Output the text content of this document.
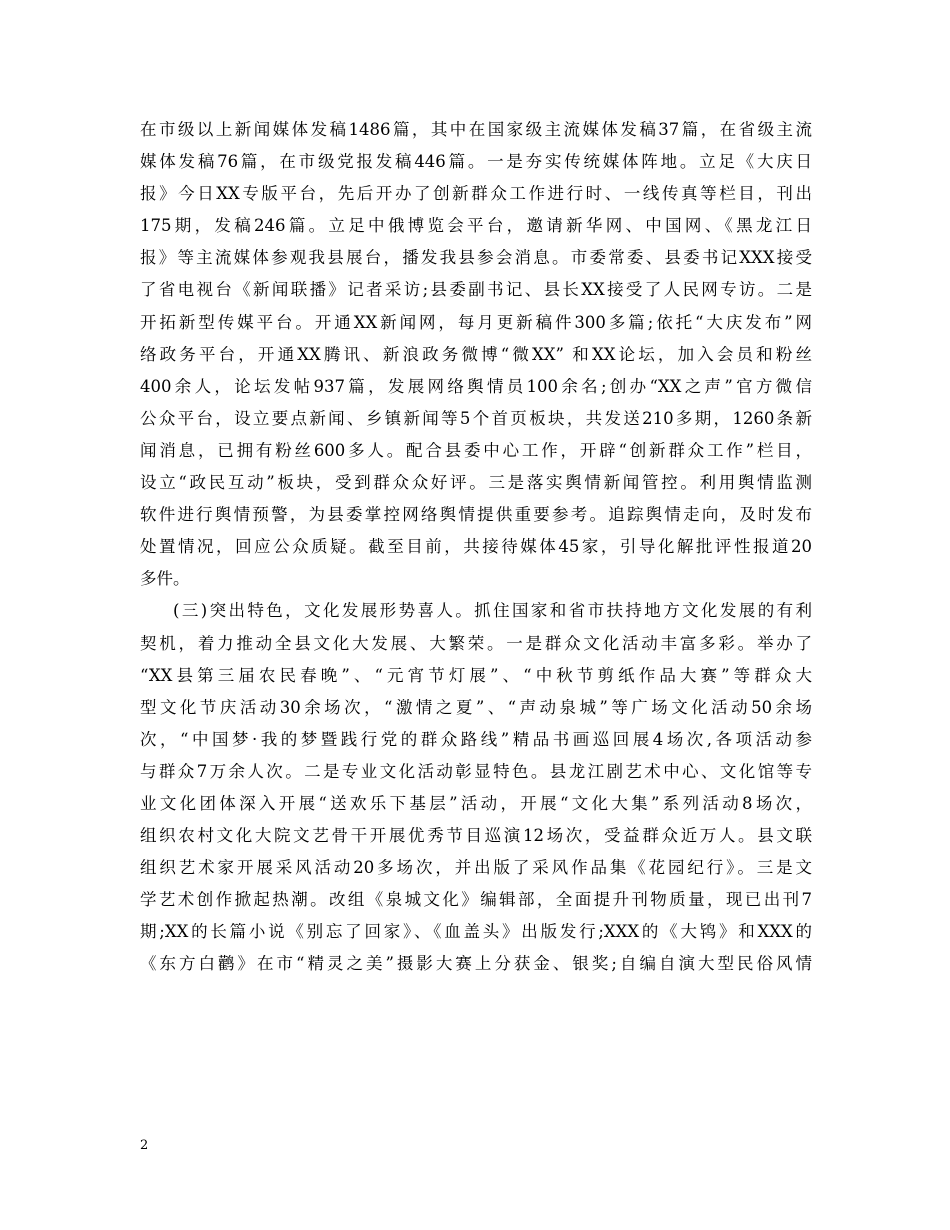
在市级以上新闻媒体发稿1486篇，其中在国家级主流媒体发稿37篇，在省级主流
媒体发稿76篇，在市级党报发稿446篇。一是夯实传统媒体阵地。立足《大庆日
报》今日XX专版平台，先后开办了创新群众工作进行时、一线传真等栏目，刊出
175期，发稿246篇。立足中俄博览会平台，邀请新华网、中国网、《黑龙江日
报》等主流媒体参观我县展台，播发我县参会消息。市委常委、县委书记XXX接受
了省电视台《新闻联播》记者采访;县委副书记、县长XX接受了人民网专访。二是
开拓新型传媒平台。开通XX新闻网，每月更新稿件300多篇;依托“大庆发布”网
络政务平台，开通XX腾讯、新浪政务微博“微XX” 和XX论坛，加入会员和粉丝
400余人，论坛发帖937篇，发展网络舆情员100余名;创办“XX之声”官方微信
公众平台，设立要点新闻、乡镇新闻等5个首页板块，共发送210多期，1260条新
闻消息，已拥有粉丝600多人。配合县委中心工作，开辟“创新群众工作”栏目，
设立“政民互动”板块，受到群众众好评。三是落实舆情新闻管控。利用舆情监测
软件进行舆情预警，为县委掌控网络舆情提供重要参考。追踪舆情走向，及时发布
处置情况，回应公众质疑。截至目前，共接待媒体45家，引导化解批评性报道20
多件。
(三)突出特色，文化发展形势喜人。抓住国家和省市扶持地方文化发展的有利
契机，着力推动全县文化大发展、大繁荣。一是群众文化活动丰富多彩。举办了
“XX县第三届农民春晚”、“元宵节灯展”、“中秋节剪纸作品大赛”等群众大
型文化节庆活动30余场次，“激情之夏”、“声动泉城”等广场文化活动50余场
次，“中国梦·我的梦暨践行党的群众路线”精品书画巡回展4场次,各项活动参
与群众7万余人次。二是专业文化活动彰显特色。县龙江剧艺术中心、文化馆等专
业文化团体深入开展“送欢乐下基层”活动，开展“文化大集”系列活动8场次，
组织农村文化大院文艺骨干开展优秀节目巡演12场次，受益群众近万人。县文联
组织艺术家开展采风活动20多场次，并出版了采风作品集《花园纪行》。三是文
学艺术创作掀起热潮。改组《泉城文化》编辑部，全面提升刊物质量，现已出刊7
期;XX的长篇小说《别忘了回家》、《血盖头》出版发行;XXX的《大鸨》和XXX的
《东方白鹳》在市“精灵之美”摄影大赛上分获金、银奖;自编自演大型民俗风情
2
